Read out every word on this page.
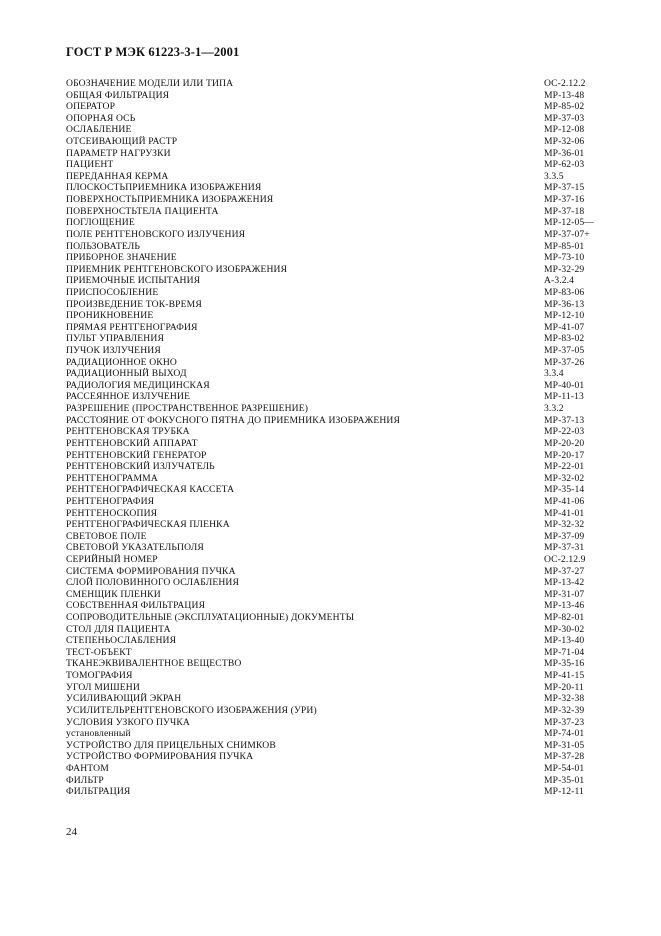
ГОСТ Р МЭК 61223-3-1—2001
ОБОЗНАЧЕНИЕ МОДЕЛИ ИЛИ ТИПА	ОС-2.12.2
ОБЩАЯ ФИЛЬТРАЦИЯ	МР-13-48
ОПЕРАТОР	МР-85-02
ОПОРНАЯ ОСЬ	МР-37-03
ОСЛАБЛЕНИЕ	МР-12-08
ОТСЕИВАЮЩИЙ РАСТР	МР-32-06
ПАРАМЕТР НАГРУЗКИ	МР-36-01
ПАЦИЕНТ	МР-62-03
ПЕРЕДАННАЯ КЕРМА	3.3.5
ПЛОСКОСТЬПРИЕМНИКА ИЗОБРАЖЕНИЯ	МР-37-15
ПОВЕРХНОСТЬПРИЕМНИКА ИЗОБРАЖЕНИЯ	МР-37-16
ПОВЕРХНОСТЬТЕЛА ПАЦИЕНТА	МР-37-18
ПОГЛОЩЕНИЕ	МР-12-05—
ПОЛЕ РЕНТГЕНОВСКОГО ИЗЛУЧЕНИЯ	МР-37-07+
ПОЛЬЗОВАТЕЛЬ	МР-85-01
ПРИБОРНОЕ ЗНАЧЕНИЕ	МР-73-10
ПРИЕМНИК РЕНТГЕНОВСКОГО ИЗОБРАЖЕНИЯ	МР-32-29
ПРИЕМОЧНЫЕ ИСПЫТАНИЯ	А-3.2.4
ПРИСПОСОБЛЕНИЕ	МР-83-06
ПРОИЗВЕДЕНИЕ ТОК-ВРЕМЯ	МР-36-13
ПРОНИКНОВЕНИЕ	МР-12-10
ПРЯМАЯ РЕНТГЕНОГРАФИЯ	МР-41-07
ПУЛЬТ УПРАВЛЕНИЯ	МР-83-02
ПУЧОК ИЗЛУЧЕНИЯ	МР-37-05
РАДИАЦИОННОЕ ОКНО	МР-37-26
РАДИАЦИОННЫЙ ВЫХОД	3.3.4
РАДИОЛОГИЯ МЕДИЦИНСКАЯ	МР-40-01
РАССЕЯННОЕ ИЗЛУЧЕНИЕ	МР-11-13
РАЗРЕШЕНИЕ (ПРОСТРАНСТВЕННОЕ РАЗРЕШЕНИЕ)	3.3.2
РАССТОЯНИЕ ОТ ФОКУСНОГО ПЯТНА ДО ПРИЕМНИКА ИЗОБРАЖЕНИЯ	МР-37-13
РЕНТГЕНОВСКАЯ ТРУБКА	МР-22-03
РЕНТГЕНОВСКИЙ АППАРАТ	МР-20-20
РЕНТГЕНОВСКИЙ ГЕНЕРАТОР	МР-20-17
РЕНТГЕНОВСКИЙ ИЗЛУЧАТЕЛЬ	МР-22-01
РЕНТГЕНОГРАММА	МР-32-02
РЕНТГЕНОГРАФИЧЕСКАЯ КАССЕТА	МР-35-14
РЕНТГЕНОГРАФИЯ	МР-41-06
РЕНТГЕНОСКОПИЯ	МР-41-01
РЕНТГЕНОГРАФИЧЕСКАЯ ПЛЕНКА	МР-32-32
СВЕТОВОЕ ПОЛЕ	МР-37-09
СВЕТОВОЙ УКАЗАТЕЛЬПОЛЯ	МР-37-31
СЕРИЙНЫЙ НОМЕР	ОС-2.12.9
СИСТЕМА ФОРМИРОВАНИЯ ПУЧКА	МР-37-27
СЛОЙ ПОЛОВИННОГО ОСЛАБЛЕНИЯ	МР-13-42
СМЕНЩИК ПЛЕНКИ	МР-31-07
СОБСТВЕННАЯ ФИЛЬТРАЦИЯ	МР-13-46
СОПРОВОДИТЕЛЬНЫЕ (ЭКСПЛУАТАЦИОННЫЕ) ДОКУМЕНТЫ	МР-82-01
СТОЛ ДЛЯ ПАЦИЕНТА	МР-30-02
СТЕПЕНЬОСЛАБЛЕНИЯ	МР-13-40
ТЕСТ-ОБЪЕКТ	МР-71-04
ТКАНЕЭКВИВАЛЕНТНОЕ ВЕЩЕСТВО	МР-35-16
ТОМОГРАФИЯ	МР-41-15
УГОЛ МИШЕНИ	МР-20-11
УСИЛИВАЮЩИЙ ЭКРАН	МР-32-38
УСИЛИТЕЛЬРЕНТГЕНОВСКОГО ИЗОБРАЖЕНИЯ (УРИ)	МР-32-39
УСЛОВИЯ УЗКОГО ПУЧКА	МР-37-23
установленный	МР-74-01
УСТРОЙСТВО ДЛЯ ПРИЦЕЛЬНЫХ СНИМКОВ	МР-31-05
УСТРОЙСТВО ФОРМИРОВАНИЯ ПУЧКА	МР-37-28
ФАНТОМ	МР-54-01
ФИЛЬТР	МР-35-01
ФИЛЬТРАЦИЯ	МР-12-11
24
